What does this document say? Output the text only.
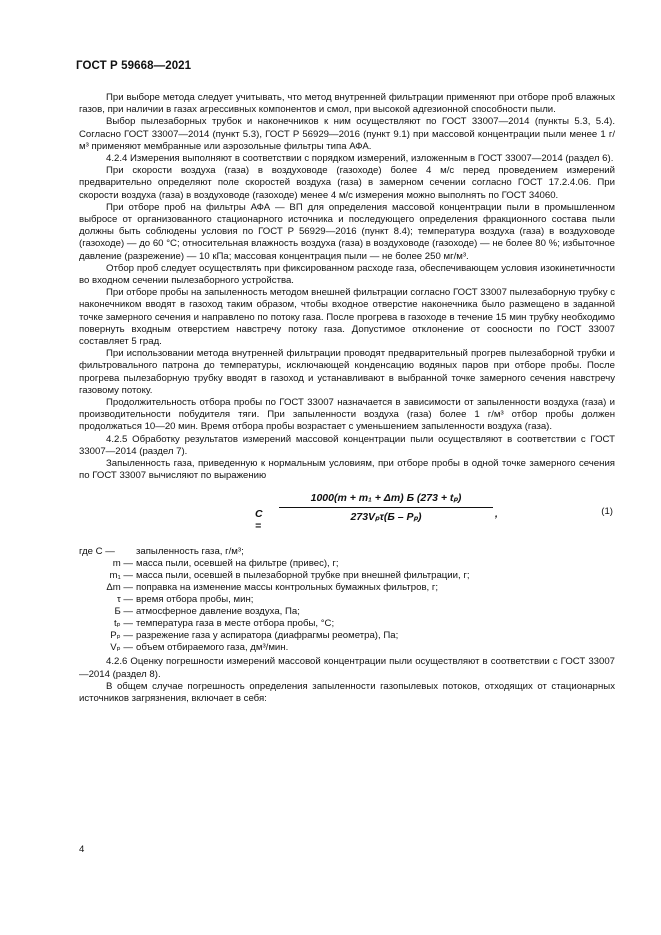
ГОСТ Р 59668—2021

При выборе метода следует учитывать, что метод внутренней фильтрации применяют при отборе проб влажных газов, при наличии в газах агрессивных компонентов и смол, при высокой адгезионной способности пыли.

Выбор пылезаборных трубок и наконечников к ним осуществляют по ГОСТ 33007—2014 (пункты 5.3, 5.4). Согласно ГОСТ 33007—2014 (пункт 5.3), ГОСТ Р 56929—2016 (пункт 9.1) при массовой концентрации пыли менее 1 г/м³ применяют мембранные или аэрозольные фильтры типа АФА.

4.2.4 Измерения выполняют в соответствии с порядком измерений, изложенным в ГОСТ 33007—2014 (раздел 6).

При скорости воздуха (газа) в воздуховоде (газоходе) более 4 м/с перед проведением измерений предварительно определяют поле скоростей воздуха (газа) в замерном сечении согласно ГОСТ 17.2.4.06. При скорости воздуха (газа) в воздуховоде (газоходе) менее 4 м/с измерения можно выполнять по ГОСТ 34060.

При отборе проб на фильтры АФА — ВП для определения массовой концентрации пыли в промышленном выбросе от организованного стационарного источника и последующего определения фракционного состава пыли должны быть соблюдены условия по ГОСТ Р 56929—2016 (пункт 8.4); температура воздуха (газа) в воздуховоде (газоходе) — до 60 °С; относительная влажность воздуха (газа) в воздуховоде (газоходе) — не более 80 %; избыточное давление (разрежение) — 10 кПа; массовая концентрация пыли — не более 250 мг/м³.

Отбор проб следует осуществлять при фиксированном расходе газа, обеспечивающем условия изокинетичности во входном сечении пылезаборного устройства.

При отборе пробы на запыленность методом внешней фильтрации согласно ГОСТ 33007 пылезаборную трубку с наконечником вводят в газоход таким образом, чтобы входное отверстие наконечника было размещено в заданной точке замерного сечения и направлено по потоку газа. После прогрева в газоходе в течение 15 мин трубку необходимо повернуть входным отверстием навстречу потоку газа. Допустимое отклонение от соосности по ГОСТ 33007 составляет 5 град.

При использовании метода внутренней фильтрации проводят предварительный прогрев пылезаборной трубки и фильтровального патрона до температуры, исключающей конденсацию водяных паров при отборе пробы. После прогрева пылезаборную трубку вводят в газоход и устанавливают в выбранной точке замерного сечения навстречу газовому потоку.

Продолжительность отбора пробы по ГОСТ 33007 назначается в зависимости от запыленности воздуха (газа) и производительности побудителя тяги. При запыленности воздуха (газа) более 1 г/м³ отбор пробы должен продолжаться 10—20 мин. Время отбора пробы возрастает с уменьшением запыленности воздуха (газа).

4.2.5 Обработку результатов измерений массовой концентрации пыли осуществляют в соответствии с ГОСТ 33007—2014 (раздел 7).

Запыленность газа, приведенную к нормальным условиям, при отборе пробы в одной точке замерного сечения по ГОСТ 33007 вычисляют по выражению

C =
1000(m + m₁ + Δm) Б (273 + tₚ)
273Vₚτ(Б – Pₚ)	,	(1)
где C —	запыленность газа, г/м³;
m — масса пыли, осевшей на фильтре (привес), г;
m₁ — масса пыли, осевшей в пылезаборной трубке при внешней фильтрации, г;
Δm — поправка на изменение массы контрольных бумажных фильтров, г;
τ — время отбора пробы, мин;
Б — атмосферное давление воздуха, Па;
tₚ — температура газа в месте отбора пробы, °С;
Pₚ — разрежение газа у аспиратора (диафрагмы реометра), Па;
Vₚ — объем отбираемого газа, дм³/мин.

4.2.6 Оценку погрешности измерений массовой концентрации пыли осуществляют в соответствии с ГОСТ 33007—2014 (раздел 8).

В общем случае погрешность определения запыленности газопылевых потоков, отходящих от стационарных источников загрязнения, включает в себя:

4
